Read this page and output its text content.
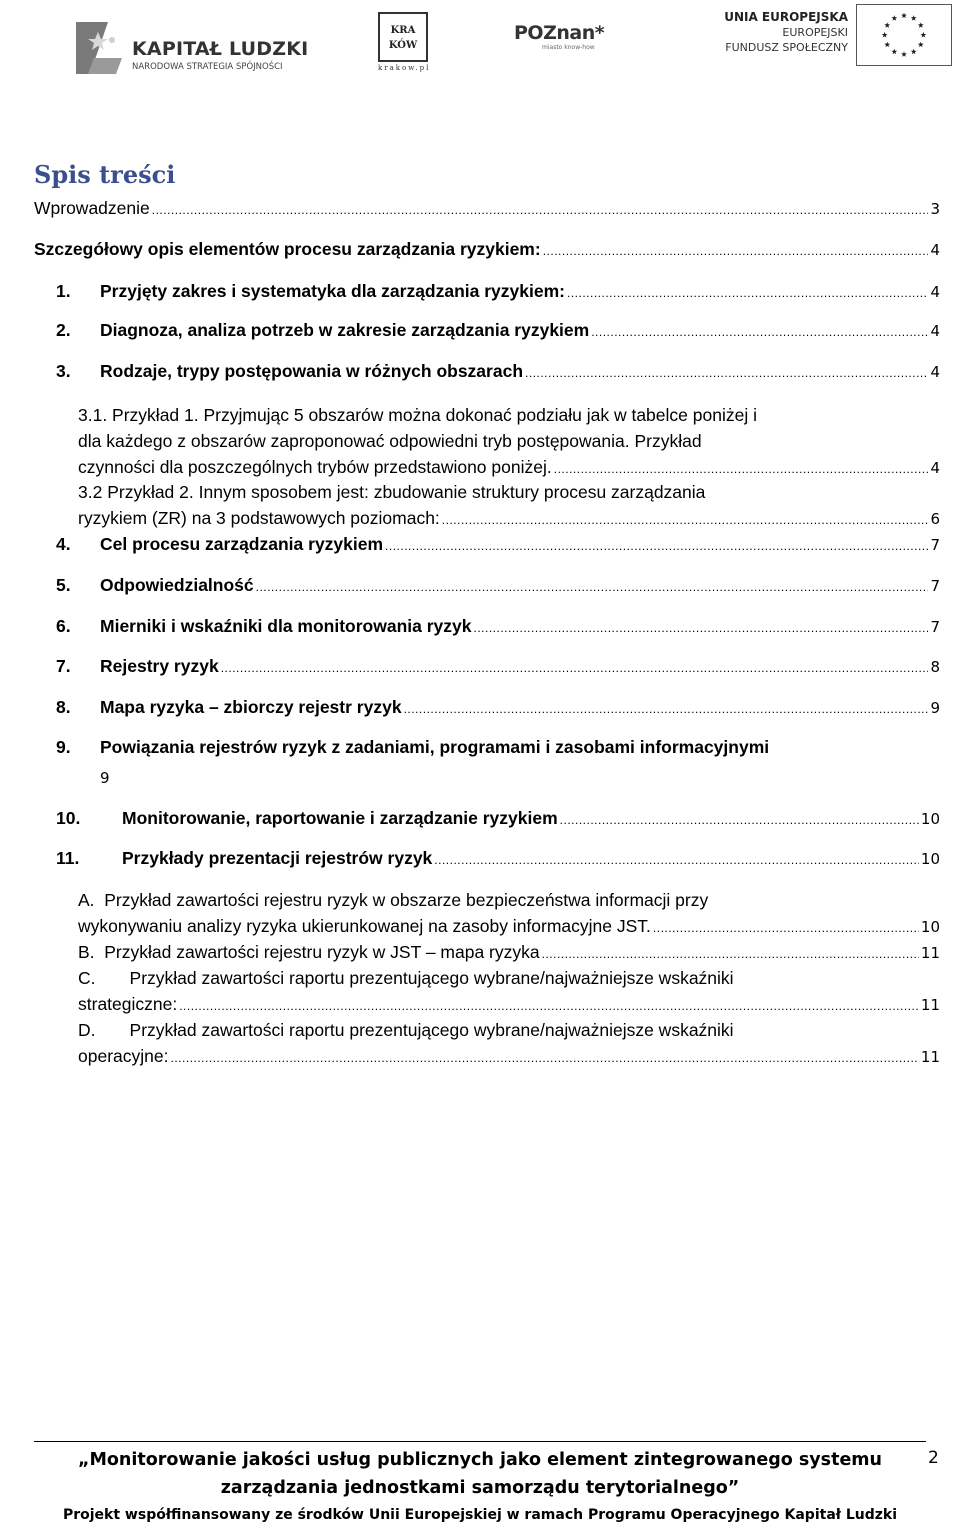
KAPITAŁ LUDZKI
NARODOWA STRATEGIA SPÓJNOŚCI
KRA
KÓW
krakow.pl
POZnan*
miasto know-how
UNIA EUROPEJSKA
EUROPEJSKI
FUNDUSZ SPOŁECZNY
Spis treści
Wprowadzenie .....	3
Szczegółowy opis elementów procesu zarządzania ryzykiem: .....	4
1.	Przyjęty zakres i systematyka dla zarządzania ryzykiem: .....	4
2.	Diagnoza, analiza potrzeb w zakresie zarządzania ryzykiem .....	4
3.	Rodzaje, trypy postępowania w różnych obszarach .....	4
3.1. Przykład 1. Przyjmując 5 obszarów można dokonać podziału jak w tabelce poniżej i
dla każdego z obszarów zaproponować odpowiedni tryb postępowania. Przykład
czynności dla poszczególnych trybów przedstawiono poniżej. .....	4
3.2 Przykład 2. Innym sposobem jest: zbudowanie struktury procesu zarządzania
ryzykiem (ZR) na 3 podstawowych poziomach: .....	6
4.	Cel procesu zarządzania ryzykiem .....	7
5.	Odpowiedzialność .....	7
6.	Mierniki i wskaźniki dla monitorowania ryzyk .....	7
7.	Rejestry ryzyk .....	8
8.	Mapa ryzyka – zbiorczy rejestr ryzyk .....	9
9. Powiązania rejestrów ryzyk z zadaniami, programami i zasobami informacyjnymi
9
10.	Monitorowanie, raportowanie i zarządzanie ryzykiem .....	10
11.	Przykłady prezentacji rejestrów ryzyk .....	10
A.  Przykład zawartości rejestru ryzyk w obszarze bezpieczeństwa informacji przy
wykonywaniu analizy ryzyka ukierunkowanej na zasoby informacyjne JST. .....	10
B.  Przykład zawartości rejestru ryzyk w JST – mapa ryzyka .....	11
C.       Przykład zawartości raportu prezentującego wybrane/najważniejsze wskaźniki
strategiczne: .....	11
D.       Przykład zawartości raportu prezentującego wybrane/najważniejsze wskaźniki
operacyjne: .....	11
2
„Monitorowanie jakości usług publicznych jako element zintegrowanego systemu
zarządzania jednostkami samorządu terytorialnego”
Projekt współfinansowany ze środków Unii Europejskiej w ramach Programu Operacyjnego Kapitał Ludzki
